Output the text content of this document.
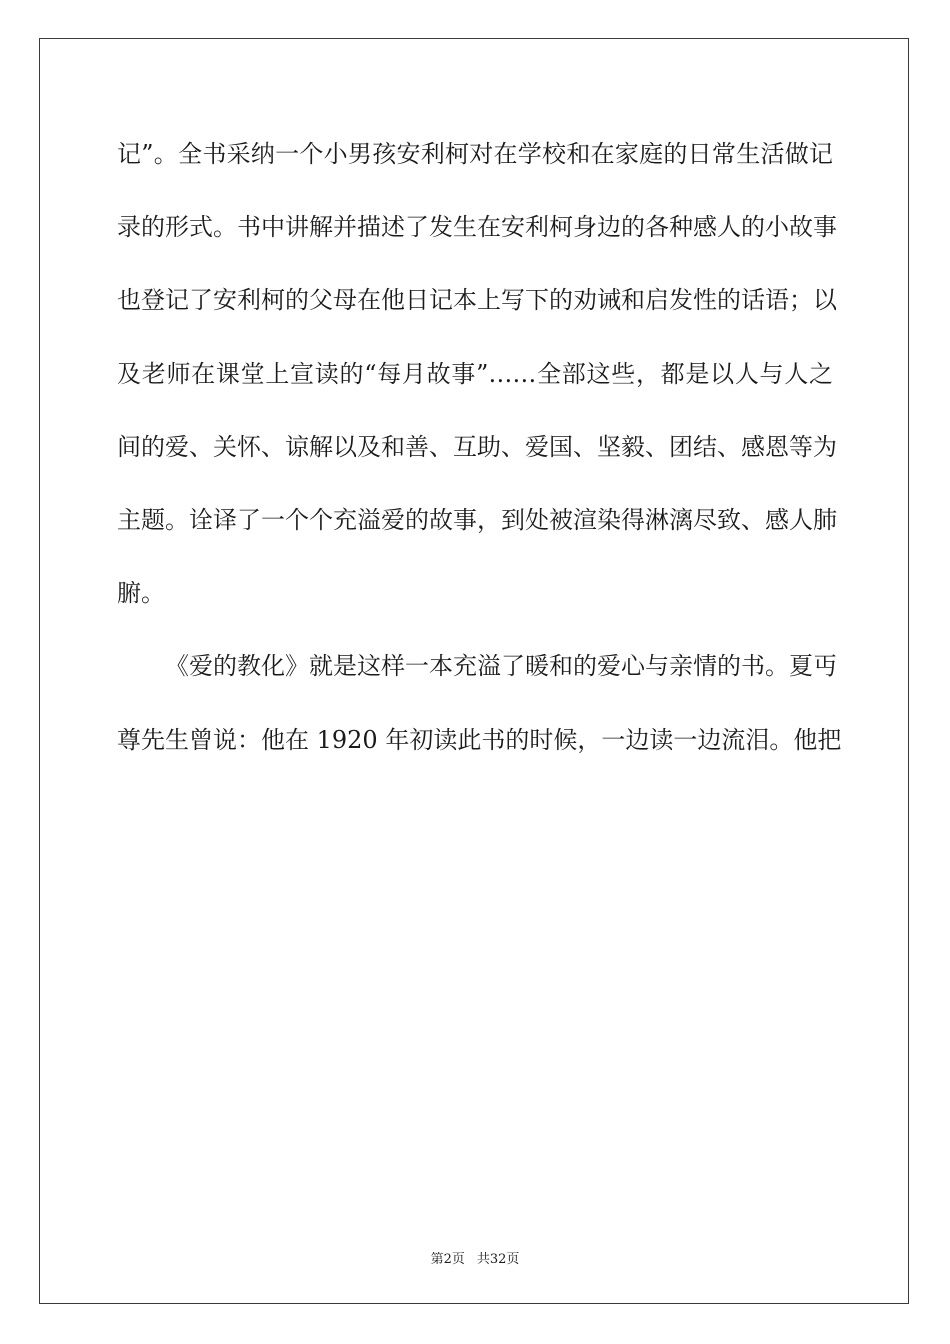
记”。全书采纳一个小男孩安利柯对在学校和在家庭的日常生活做记
录的形式。书中讲解并描述了发生在安利柯身边的各种感人的小故事
也登记了安利柯的父母在他日记本上写下的劝诫和启发性的话语；以
及老师在课堂上宣读的“每月故事”……全部这些，都是以人与人之
间的爱、关怀、谅解以及和善、互助、爱国、坚毅、团结、感恩等为
主题。诠译了一个个充溢爱的故事，到处被渲染得淋漓尽致、感人肺
腑。
《爱的教化》就是这样一本充溢了暖和的爱心与亲情的书。夏丏
尊先生曾说：他在 1920 年初读此书的时候，一边读一边流泪。他把
第2页 共32页
